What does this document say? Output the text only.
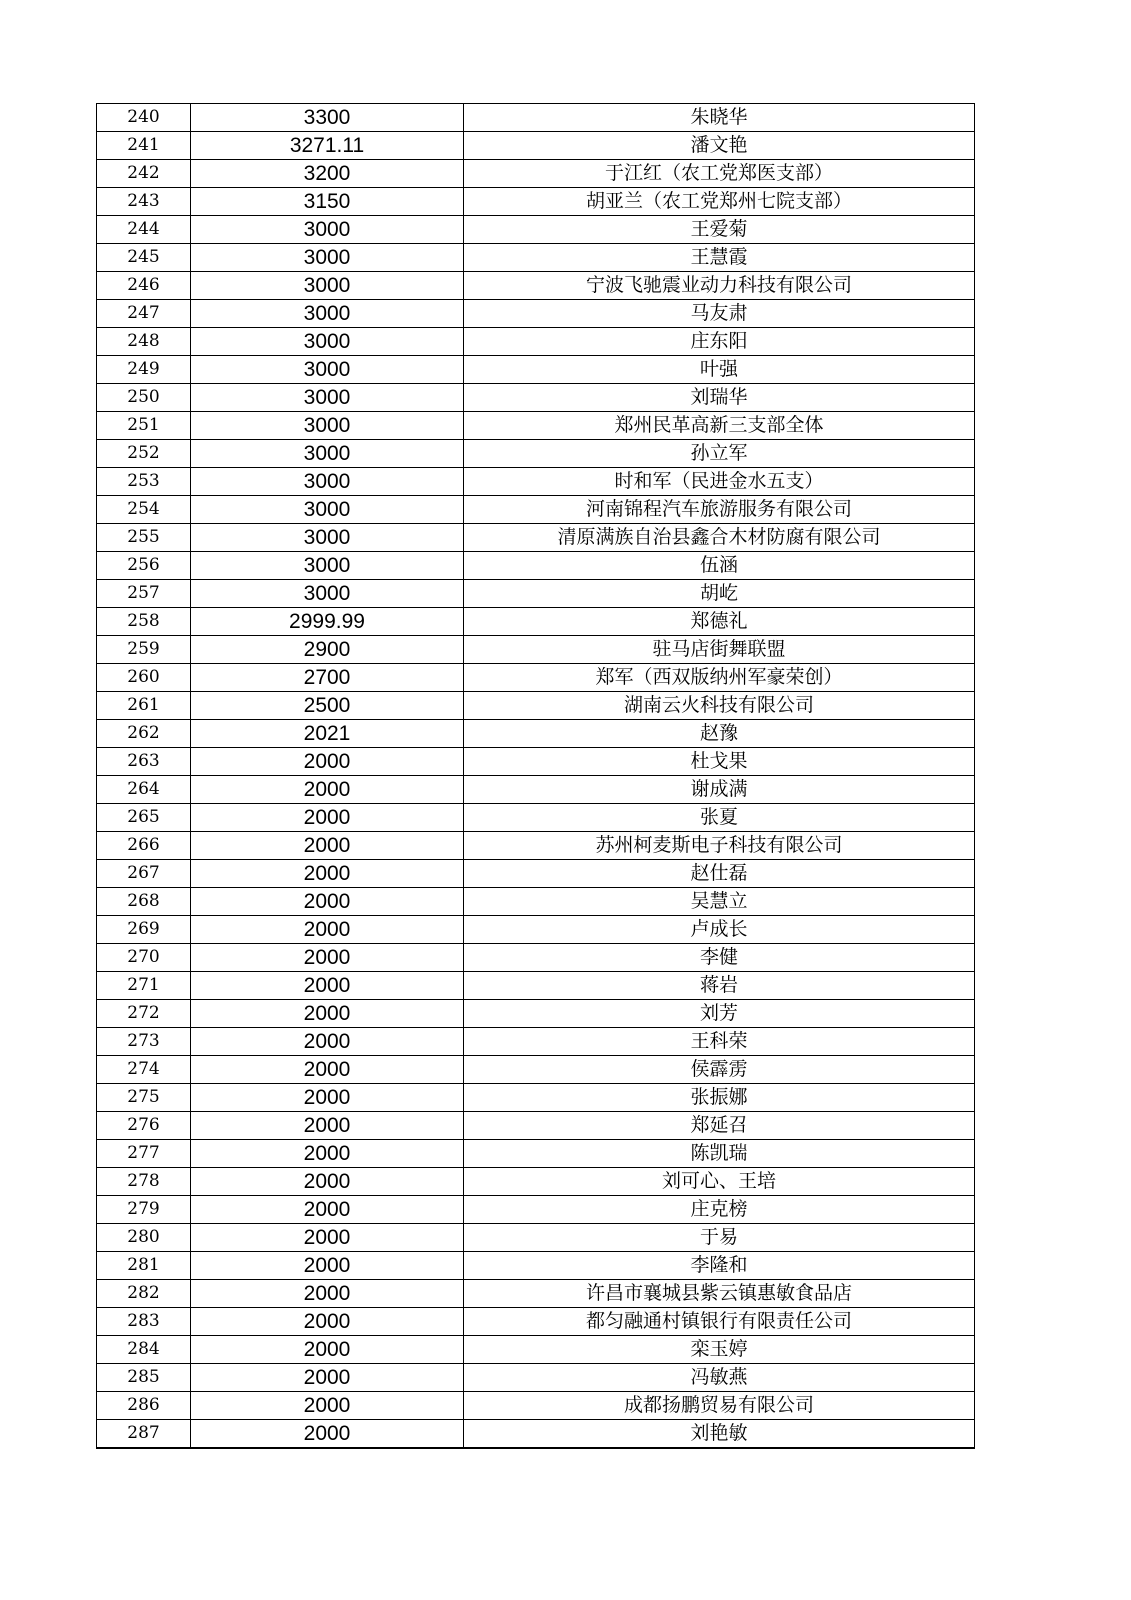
240	3300	朱晓华
241	3271.11	潘文艳
242	3200	于江红（农工党郑医支部）
243	3150	胡亚兰（农工党郑州七院支部）
244	3000	王爱菊
245	3000	王慧霞
246	3000	宁波飞驰震业动力科技有限公司
247	3000	马友肃
248	3000	庄东阳
249	3000	叶强
250	3000	刘瑞华
251	3000	郑州民革高新三支部全体
252	3000	孙立军
253	3000	时和军（民进金水五支）
254	3000	河南锦程汽车旅游服务有限公司
255	3000	清原满族自治县鑫合木材防腐有限公司
256	3000	伍涵
257	3000	胡屹
258	2999.99	郑德礼
259	2900	驻马店街舞联盟
260	2700	郑军（西双版纳州军豪荣创）
261	2500	湖南云火科技有限公司
262	2021	赵豫
263	2000	杜戈果
264	2000	谢成满
265	2000	张夏
266	2000	苏州柯麦斯电子科技有限公司
267	2000	赵仕磊
268	2000	吴慧立
269	2000	卢成长
270	2000	李健
271	2000	蒋岩
272	2000	刘芳
273	2000	王科荣
274	2000	侯霹雳
275	2000	张振娜
276	2000	郑延召
277	2000	陈凯瑞
278	2000	刘可心、王培
279	2000	庄克榜
280	2000	于易
281	2000	李隆和
282	2000	许昌市襄城县紫云镇惠敏食品店
283	2000	都匀融通村镇银行有限责任公司
284	2000	栾玉婷
285	2000	冯敏燕
286	2000	成都扬鹏贸易有限公司
287	2000	刘艳敏
